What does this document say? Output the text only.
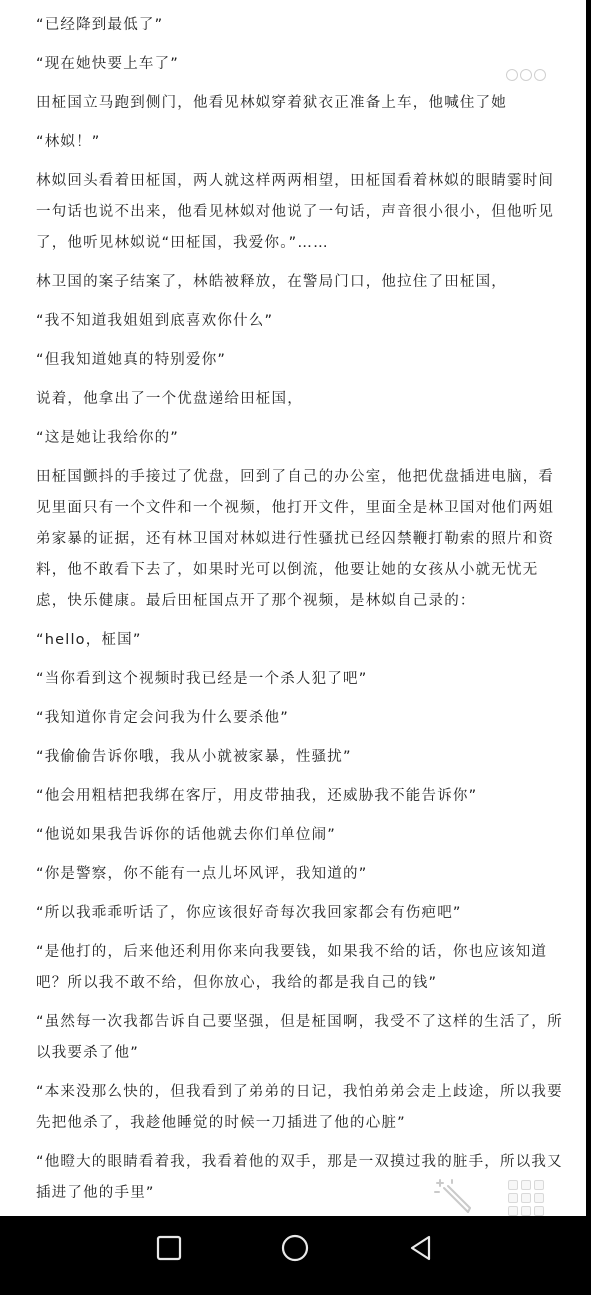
“已经降到最低了”

“现在她快要上车了”

田柾国立马跑到侧门，他看见林姒穿着狱衣正准备上车，他喊住了她

“林姒！”

林姒回头看着田柾国，两人就这样两两相望，田柾国看着林姒的眼睛霎时间一句话也说不出来，他看见林姒对他说了一句话，声音很小很小，但他听见了，他听见林姒说“田柾国，我爱你。”……

林卫国的案子结案了，林皓被释放，在警局门口，他拉住了田柾国，

“我不知道我姐姐到底喜欢你什么”

“但我知道她真的特别爱你”

说着，他拿出了一个优盘递给田柾国，

“这是她让我给你的”

田柾国颤抖的手接过了优盘，回到了自己的办公室，他把优盘插进电脑，看见里面只有一个文件和一个视频，他打开文件，里面全是林卫国对他们两姐弟家暴的证据，还有林卫国对林姒进行性骚扰已经囚禁鞭打勒索的照片和资料，他不敢看下去了，如果时光可以倒流，他要让她的女孩从小就无忧无虑，快乐健康。最后田柾国点开了那个视频，是林姒自己录的：

“hello，柾国”

“当你看到这个视频时我已经是一个杀人犯了吧”

“我知道你肯定会问我为什么要杀他”

“我偷偷告诉你哦，我从小就被家暴，性骚扰”

“他会用粗桔把我绑在客厅，用皮带抽我，还威胁我不能告诉你”

“他说如果我告诉你的话他就去你们单位闹”

“你是警察，你不能有一点儿坏风评，我知道的”

“所以我乖乖听话了，你应该很好奇每次我回家都会有伤疤吧”

“是他打的，后来他还利用你来向我要钱，如果我不给的话，你也应该知道吧？所以我不敢不给，但你放心，我给的都是我自己的钱”

“虽然每一次我都告诉自己要坚强，但是柾国啊，我受不了这样的生活了，所以我要杀了他”

“本来没那么快的，但我看到了弟弟的日记，我怕弟弟会走上歧途，所以我要先把他杀了，我趁他睡觉的时候一刀插进了他的心脏”

“他瞪大的眼睛看着我，我看着他的双手，那是一双摸过我的脏手，所以我又插进了他的手里”
